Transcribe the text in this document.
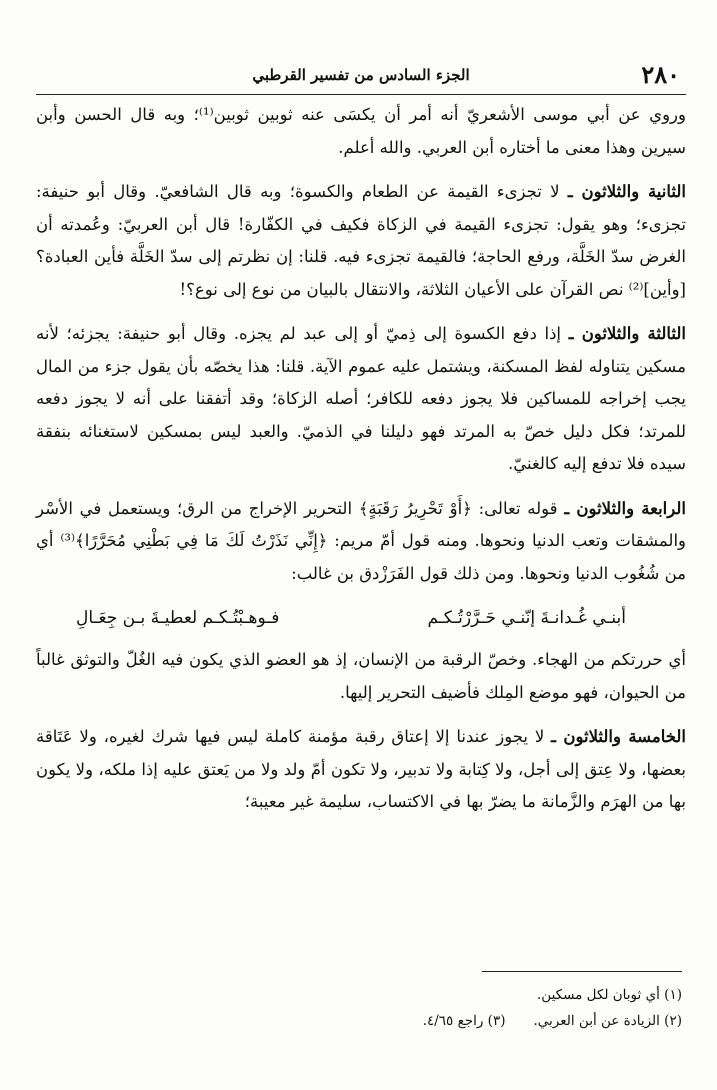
٢٨٠
الجزء السادس من تفسير القرطبي

وروي عن أبي موسى الأشعريّ أنه أمر أن يكسَى عنه ثوبين ثوبين⁽¹⁾؛ وبه قال الحسن وأبن سيرين وهذا معنى ما أختاره أبن العربي. والله أعلم.

الثانية والثلاثون ـ لا تجزىء القيمة عن الطعام والكسوة؛ وبه قال الشافعيّ. وقال أبو حنيفة: تجزىء؛ وهو يقول: تجزىء القيمة في الزكاة فكيف في الكفّارة! قال أبن العربيّ: وعُمدته أن الغرض سدّ الخَلَّة، ورفع الحاجة؛ فالقيمة تجزىء فيه. قلنا: إن نظرتم إلى سدّ الخَلَّة فأين العبادة؟ [وأين]⁽²⁾ نص القرآن على الأعيان الثلاثة، والانتقال بالبيان من نوع إلى نوع؟!

الثالثة والثلاثون ـ إذا دفع الكسوة إلى ذِميّ أو إلى عبد لم يجزه. وقال أبو حنيفة: يجزئه؛ لأنه مسكين يتناوله لفظ المسكنة، ويشتمل عليه عموم الآية. قلنا: هذا يخصّه بأن يقول جزء من المال يجب إخراجه للمساكين فلا يجوز دفعه للكافر؛ أصله الزكاة؛ وقد أتفقنا على أنه لا يجوز دفعه للمرتد؛ فكل دليل خصّ به المرتد فهو دليلنا في الذميّ. والعبد ليس بمسكين لاستغنائه بنفقة سيده فلا تدفع إليه كالغنيّ.

الرابعة والثلاثون ـ قوله تعالى: ﴿أَوْ تَحْرِيرُ رَقَبَةٍ﴾ التحرير الإخراج من الرق؛ ويستعمل في الأسْر والمشقات وتعب الدنيا ونحوها. ومنه قول أمّ مريم: ﴿إِنِّي نَذَرْتُ لَكَ مَا فِي بَطْنِي مُحَرَّرًا﴾⁽³⁾ أي من شُغُوب الدنيا ونحوها. ومن ذلك قول الفَرَزْدق بن غالب:

أبنـي غُـدانـةَ إنّنـي حَـرَّرْتُـكـم
فـوهـبْتُـكـم لعطيـةَ بـن جِعَـالِ

أي حررتكم من الهجاء. وخصّ الرقبة من الإنسان، إذ هو العضو الذي يكون فيه الغُلّ والتوثق غالباً من الحيوان، فهو موضع المِلك فأضيف التحرير إليها.

الخامسة والثلاثون ـ لا يجوز عندنا إلا إعتاق رقبة مؤمنة كاملة ليس فيها شرك لغيره، ولا عَتَاقة بعضها، ولا عِتق إلى أجل، ولا كِتابة ولا تدبير، ولا تكون أمّ ولد ولا من يَعتق عليه إذا ملكه، ولا يكون بها من الهرَم والزَّمانة ما يضرّ بها في الاكتساب، سليمة غير معيبة؛

(١) أي ثوبان لكل مسكين.
(٢) الزيادة عن أبن العربي.
(٣) راجع ٤/٦٥.
